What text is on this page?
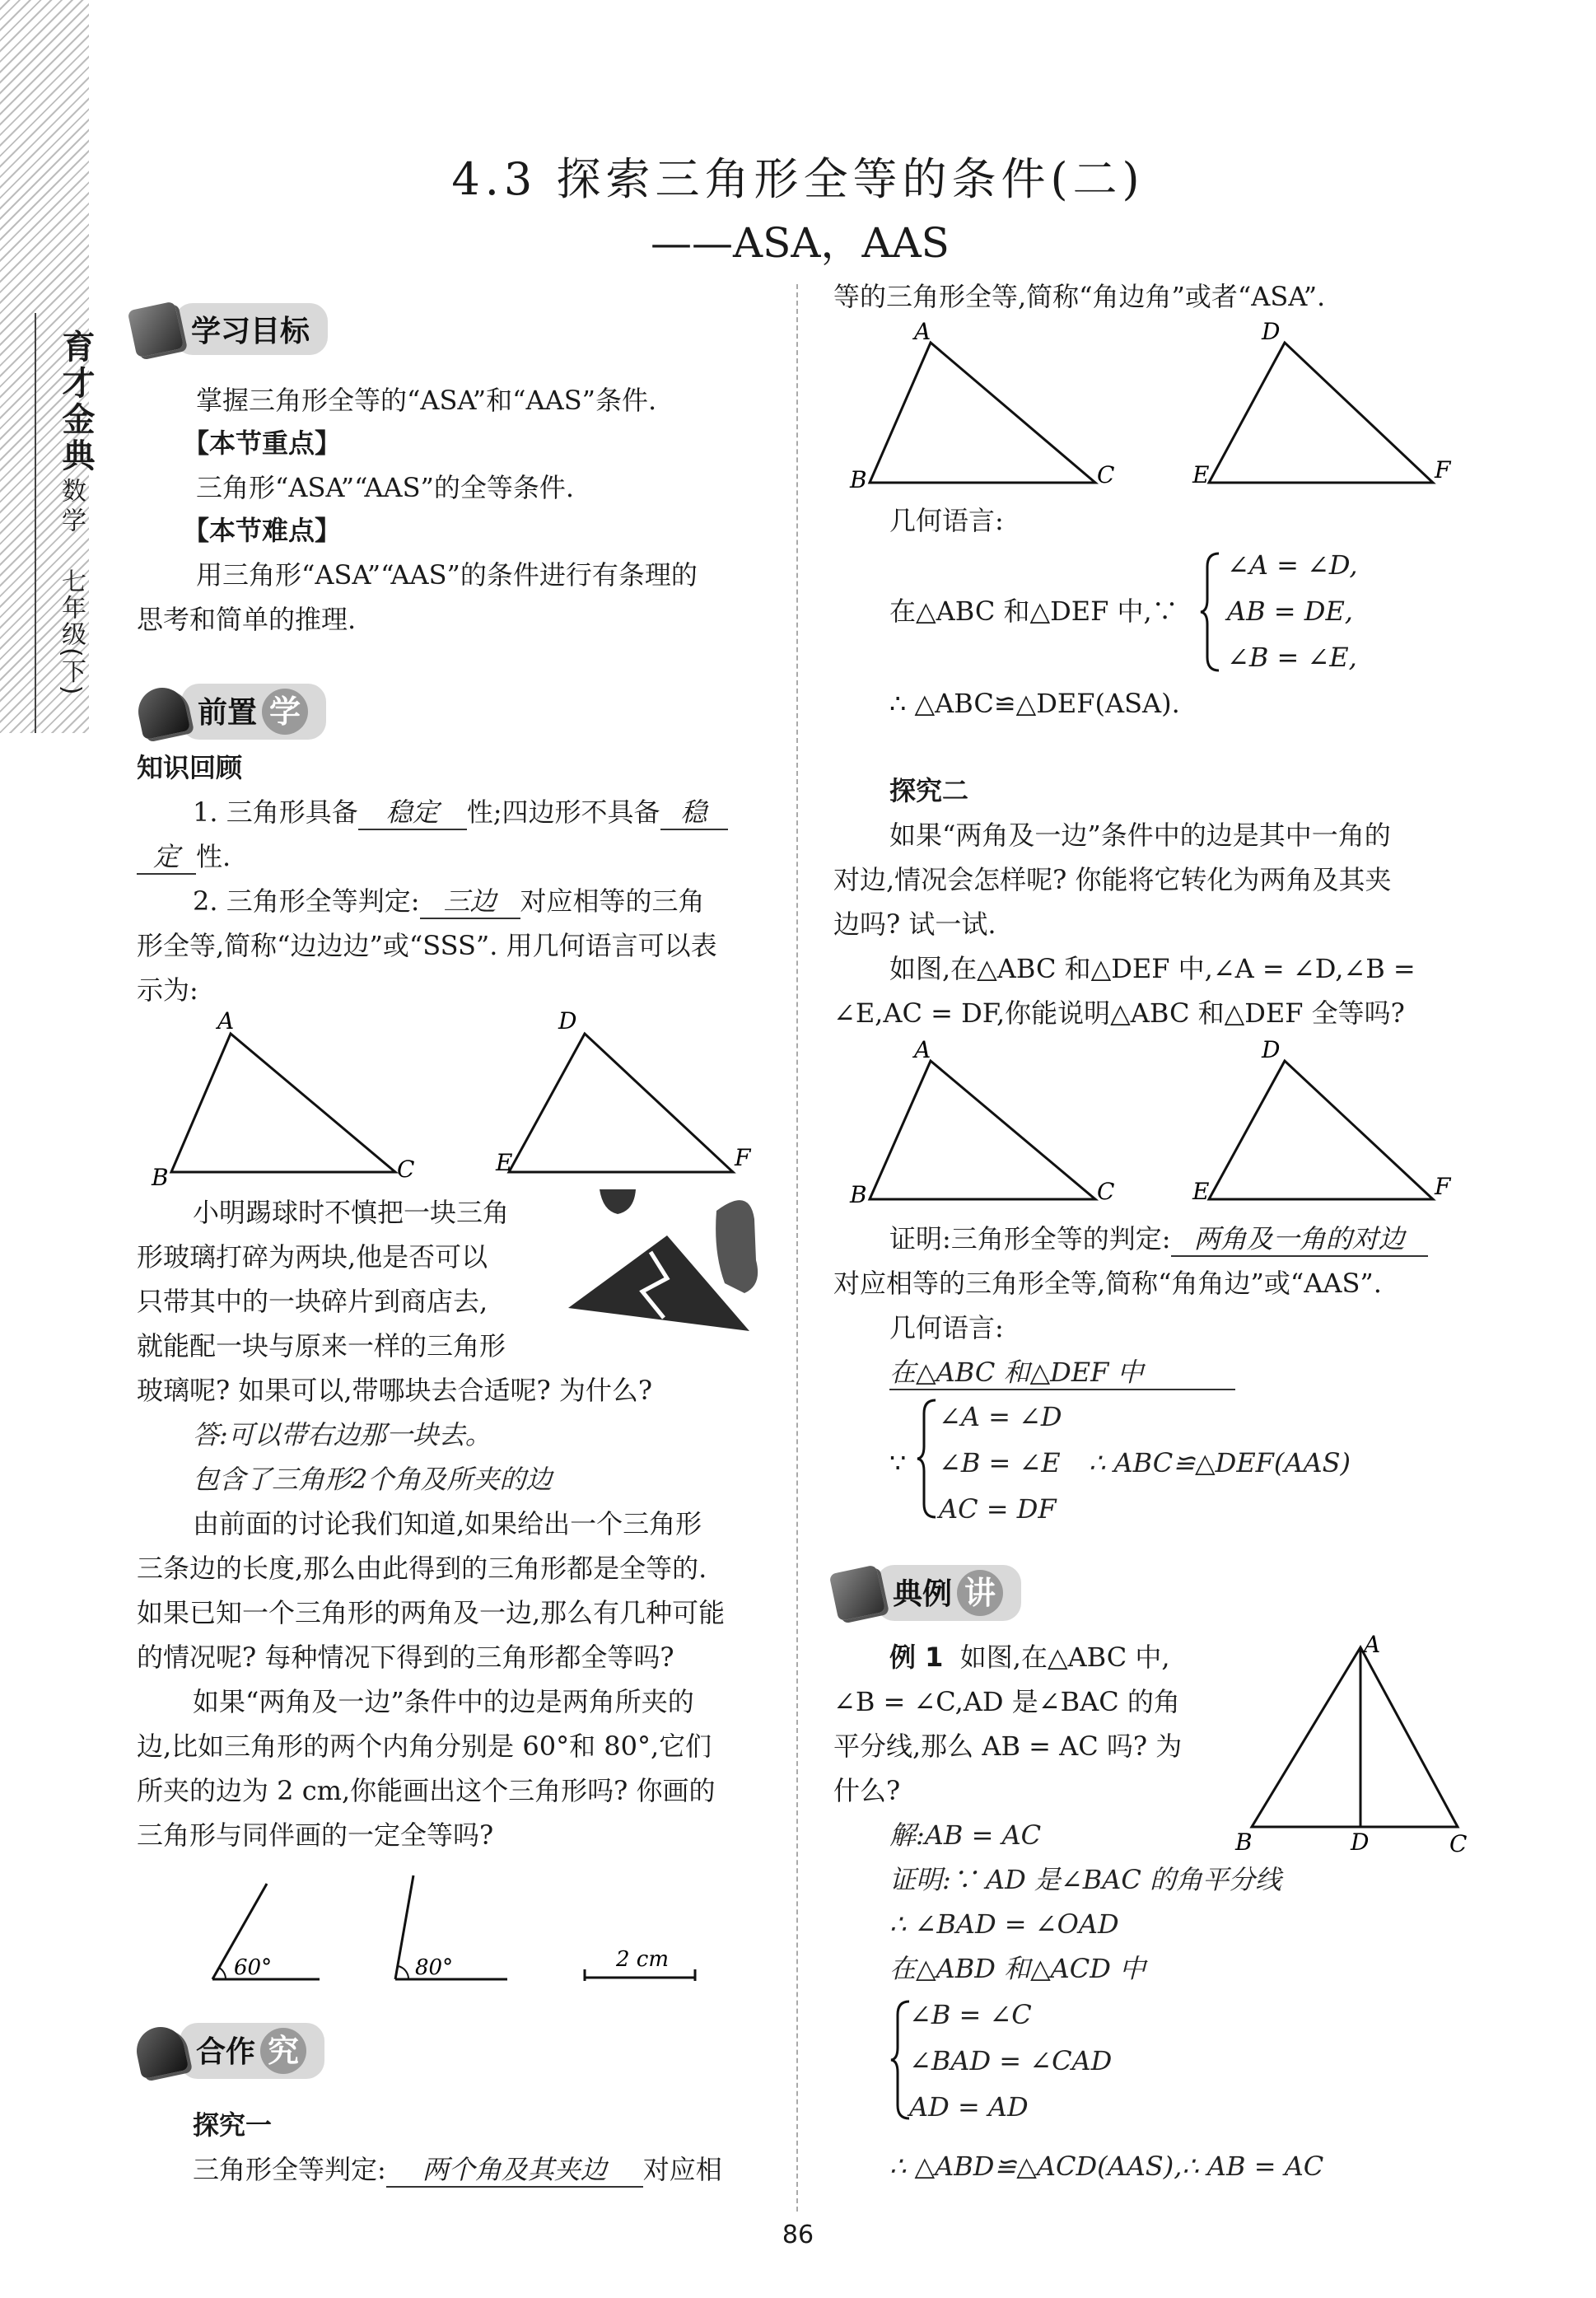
育才金典
数学
七年级(下)
4.3 探索三角形全等的条件(二)
——ASA，AAS
学习目标
掌握三角形全等的“ASA”和“AAS”条件.
【本节重点】
三角形“ASA”“AAS”的全等条件.
【本节难点】
用三角形“ASA”“AAS”的条件进行有条理的
思考和简单的推理.
前置 学
知识回顾
1. 三角形具备 稳定 性;四边形不具备 稳
定 性.
2. 三角形全等判定: 三边 对应相等的三角
形全等,简称“边边边”或“SSS”. 用几何语言可以表
示为:
A
B	C
D
E	F
小明踢球时不慎把一块三角
形玻璃打碎为两块,他是否可以
只带其中的一块碎片到商店去,
就能配一块与原来一样的三角形
玻璃呢? 如果可以,带哪块去合适呢? 为什么?
答:可以带右边那一块去。
包含了三角形2个角及所夹的边
由前面的讨论我们知道,如果给出一个三角形
三条边的长度,那么由此得到的三角形都是全等的.
如果已知一个三角形的两角及一边,那么有几种可能
的情况呢? 每种情况下得到的三角形都全等吗?
如果“两角及一边”条件中的边是两角所夹的
边,比如三角形的两个内角分别是 60°和 80°,它们
所夹的边为 2 cm,你能画出这个三角形吗? 你画的
三角形与同伴画的一定全等吗?
60°	80°	2 cm
合作 究
探究一
三角形全等判定: 两个角及其夹边 对应相
等的三角形全等,简称“角边角”或者“ASA”.
A
B	C
D
E	F
几何语言:
在△ABC 和△DEF 中,∵
∠A = ∠D,
AB = DE,
∠B = ∠E,
∴ △ABC≌△DEF(ASA).
探究二
如果“两角及一边”条件中的边是其中一角的
对边,情况会怎样呢? 你能将它转化为两角及其夹
边吗? 试一试.
如图,在△ABC 和△DEF 中,∠A = ∠D,∠B =
∠E,AC = DF,你能说明△ABC 和△DEF 全等吗?
A
B	C
D
E	F
证明:三角形全等的判定: 两角及一角的对边
对应相等的三角形全等,简称“角角边”或“AAS”.
几何语言:
在△ABC 和△DEF 中
∵
∠A = ∠D
∠B = ∠E ∴ ABC≌△DEF(AAS)
AC = DF
典例 讲
例 1 如图,在△ABC 中,
∠B = ∠C,AD 是∠BAC 的角
平分线,那么 AB = AC 吗? 为
什么?
A
B	D	C
解:AB = AC
证明:∵ AD 是∠BAC 的角平分线
∴ ∠BAD = ∠OAD
在△ABD 和△ACD 中
∠B = ∠C
∠BAD = ∠CAD
AD = AD
∴ △ABD≌△ACD(AAS),∴ AB = AC
86
